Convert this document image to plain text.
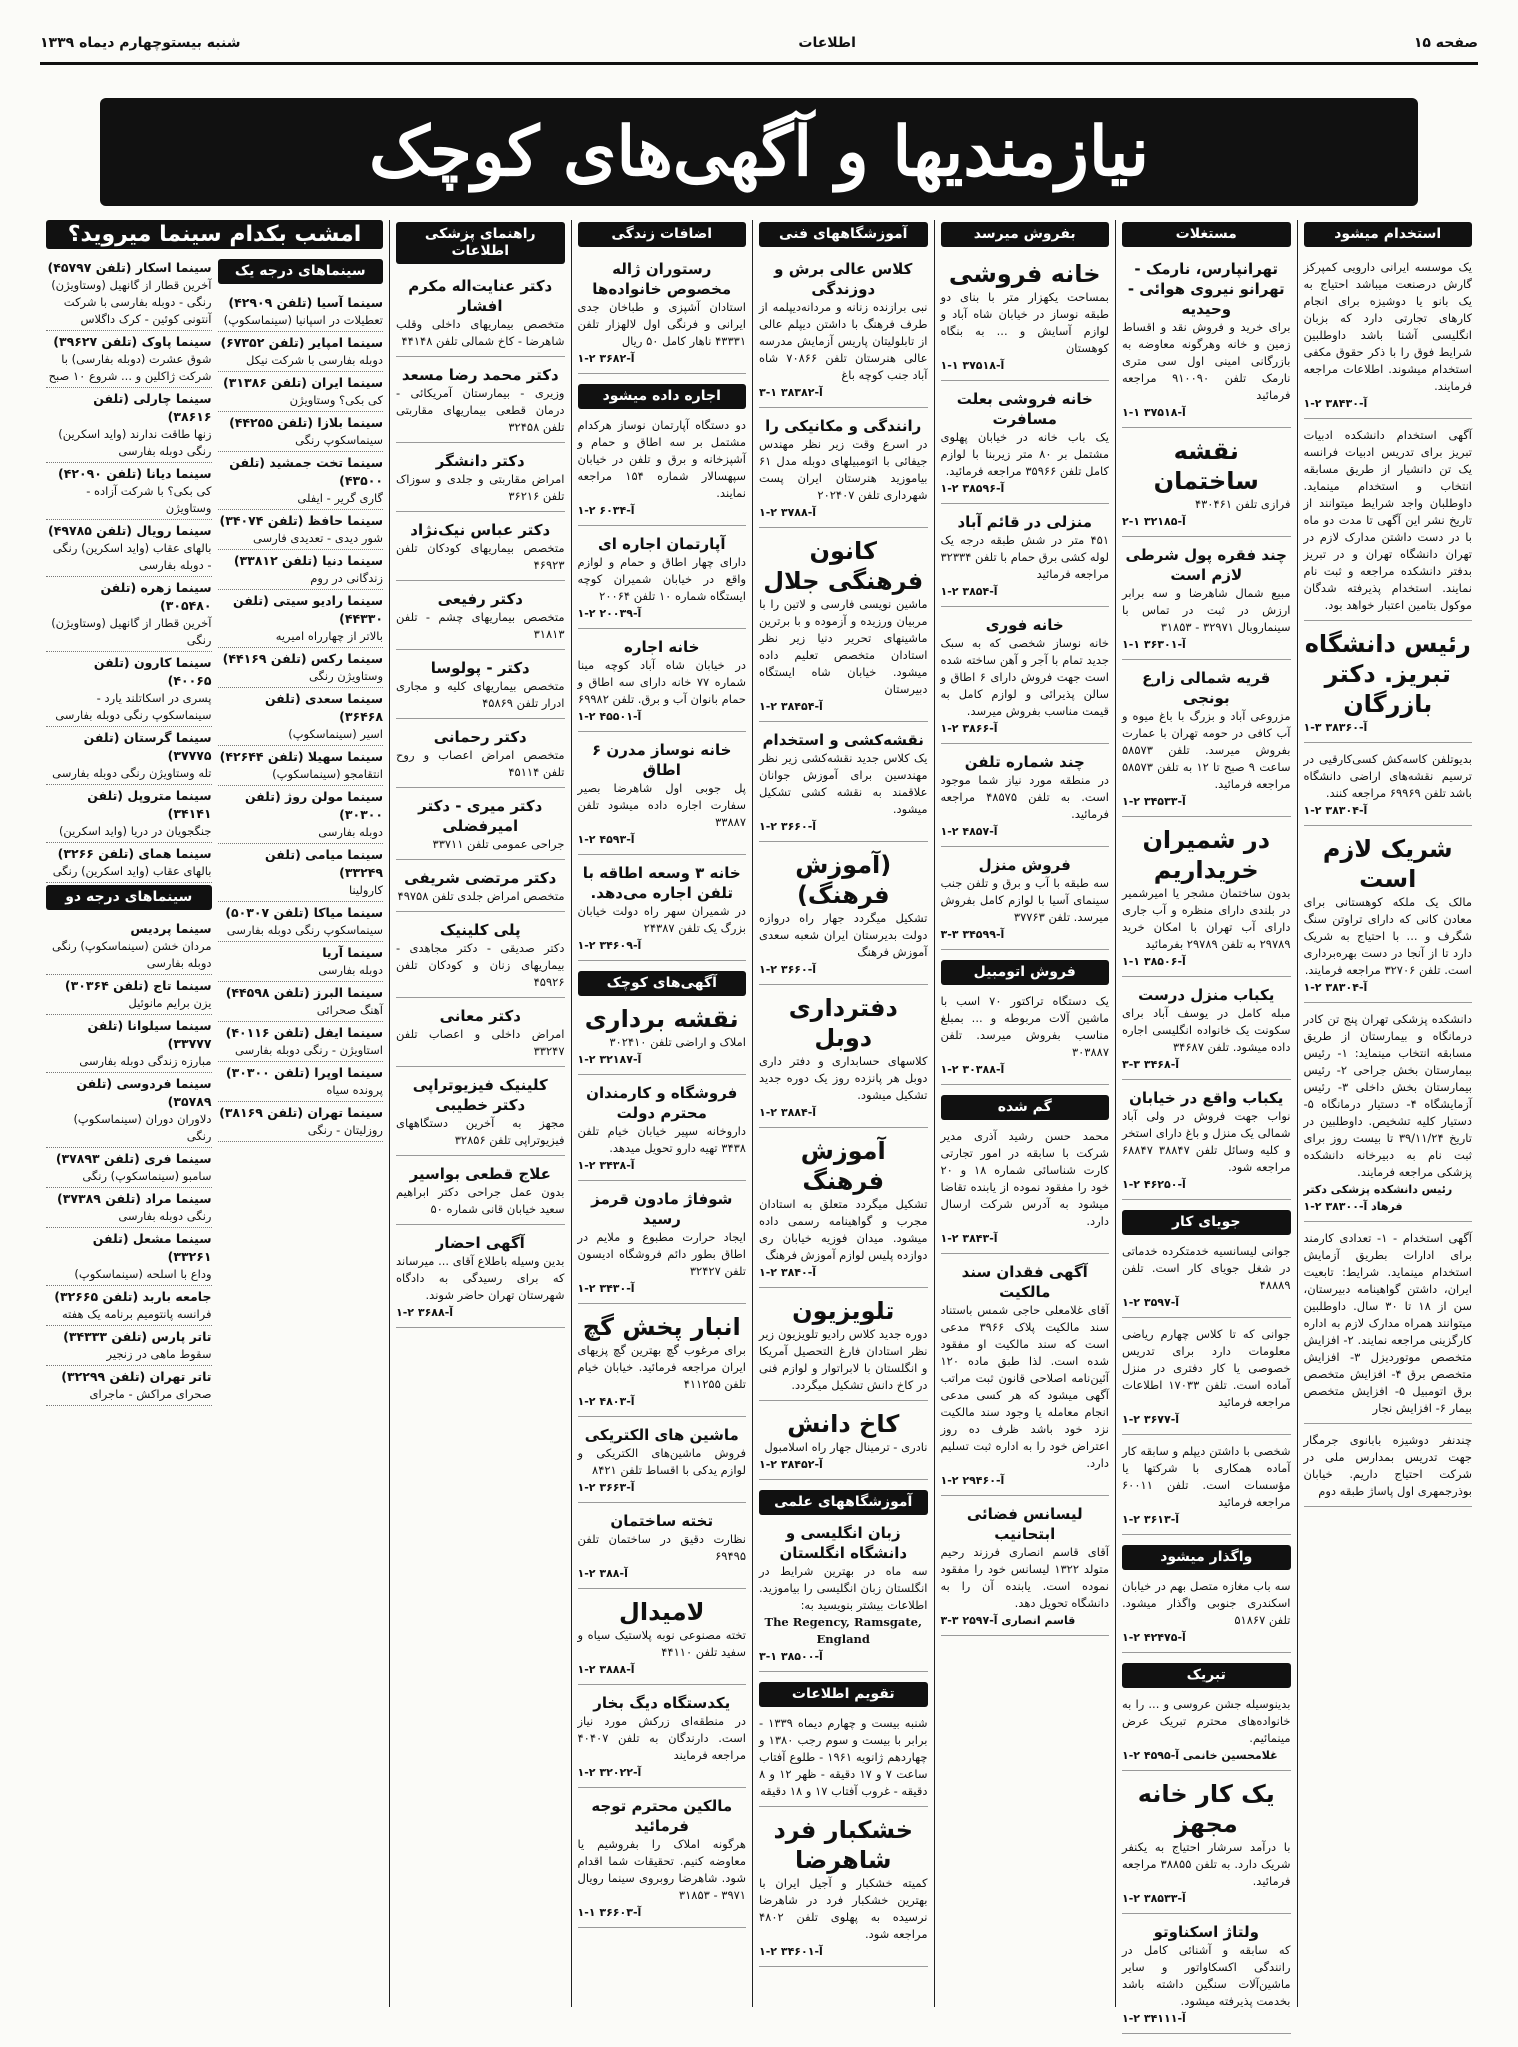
صفحه ۱۵
اطلاعات
شنبه بیستوچهارم دیماه ۱۳۳۹
نیازمندیها و آگهی‌های کوچک
استخدام میشود
یک موسسه ایرانی دارویی کمپرکز گارش درصنعت میباشد احتیاج به یک بانو یا دوشیزه برای انجام کارهای تجارتی دارد که بزبان انگلیسی آشنا باشد داوطلبین شرایط فوق را با ذکر حقوق مکفی استخدام میشوند. اطلاعات مراجعه فرمایند.
آ-۳۸۴۳۰ ۲-۱
آگهی استخدام دانشکده ادبیات تبریز برای تدریس ادبیات فرانسه یک تن دانشیار از طریق مسابقه انتخاب و استخدام مینماید. داوطلبان واجد شرایط میتوانند از تاریخ نشر این آگهی تا مدت دو ماه با در دست داشتن مدارک لازم در تهران دانشگاه تهران و در تبریز بدفتر دانشکده مراجعه و ثبت نام نمایند. استخدام پذیرفته شدگان موکول بتامین اعتبار خواهد بود.
رئیس دانشگاه تبریز. دکتر بازرگان
آ-۳۸۳۶۰ ۳-۱
بدیوتلفن کاسه‌کش کسی‌کارقیی در ترسیم نقشه‌های اراضی دانشگاه باشد تلفن ۶۹۹۶۹ مراجعه کنند.
آ-۳۸۳۰۴ ۲-۱
شریک لازم است
مالک یک ملکه کوهستانی برای معادن کانی که دارای تراوتن سنگ شگرف و ... با احتیاج به شریک دارد تا از آنجا در دست بهره‌برداری است. تلفن ۳۲۷۰۶ مراجعه فرمایند.
آ-۳۸۳۰۴ ۲-۱
دانشکده پزشکی تهران پنج تن کادر درمانگاه و بیمارستان از طریق مسابقه انتخاب مینماید: ۱- رئیس بیمارستان بخش جراحی ۲- رئیس بیمارستان بخش داخلی ۳- رئیس آزمایشگاه ۴- دستیار درمانگاه ۵- دستیار کلیه تشخیص. داوطلبین در تاریخ ۳۹/۱۱/۲۴ تا بیست روز برای ثبت نام به دبیرخانه دانشکده پزشکی مراجعه فرمایند.
رئیس دانشکده پزشکی دکتر فرهاد آ-۳۸۳۰۰ ۲-۱
آگهی استخدام - ۱- تعدادی کارمند برای ادارات بطریق آزمایش استخدام مینماید. شرایط: تابعیت ایران، داشتن گواهینامه دبیرستان، سن از ۱۸ تا ۳۰ سال. داوطلبین میتوانند همراه مدارک لازم به اداره کارگزینی مراجعه نمایند. ۲- افزایش متخصص موتوردیزل ۳- افزایش متخصص برق ۴- افزایش متخصص برق اتومبیل ۵- افزایش متخصص بیمار ۶- افزایش نجار
چندنفر دوشیزه بابانوی جرمگار جهت تدریس بمدارس ملی در شرکت احتیاج داریم. خیابان بوذرجمهری اول پاساژ طبقه دوم
مستغلات
تهرانپارس، نارمک - تهرانو نیروی هوائی - وحیدیه
برای خرید و فروش نقد و اقساط زمین و خانه وهرگونه معاوضه به بازرگانی امینی اول سی متری نارمک تلفن ۹۱۰۰۹۰ مراجعه فرمائید
آ-۳۷۵۱۸ ۱-۱
نقشه ساختمان
فرازی تلفن ۴۳۰۴۶۱
آ-۳۲۱۸۵ ۱-۲
چند فقره پول شرطی لازم است
مبیع شمال شاهرضا و سه برابر ارزش در ثبت در تماس با سینماروبال ۳۲۹۷۱ - ۳۱۸۵۳
آ-۳۶۳۰۱ ۱-۱
قریه شمالی زارع بونجی
مزروعی آباد و بزرگ با باغ میوه و آب کافی در حومه تهران با عمارت بفروش میرسد. تلفن ۵۸۵۷۳ ساعت ۹ صبح تا ۱۲ به تلفن ۵۸۵۷۳ مراجعه فرمائید.
آ-۳۴۵۳۳ ۲-۱
در شمیران خریداریم
بدون ساختمان مشجر یا امیرشمیر در بلندی دارای منظره و آب جاری دارای آب تهران با امکان خرید ۲۹۷۸۹ به تلفن ۲۹۷۸۹ بفرمائید
آ-۳۸۵۰۶ ۱-۱
یکباب منزل درست
مبله کامل در یوسف آباد برای سکونت یک خانواده انگلیسی اجاره داده میشود. تلفن ۳۴۶۸۷
آ-۳۴۶۸ ۳-۳
یکباب واقع در خیابان
نواب جهت فروش در ولی آباد شمالی یک منزل و باغ دارای استخر و کلیه وسائل تلفن ۳۸۸۴۷ ۶۸۸۴۷ مراجعه شود.
آ-۴۶۲۵۰ ۲-۱
جویای کار
جوانی لیسانسیه خدمتکرده خدماتی در شغل جویای کار است. تلفن ۴۸۸۸۹
آ-۳۵۹۷ ۲-۱
جوانی که تا کلاس چهارم ریاضی معلومات دارد برای تدریس خصوصی یا کار دفتری در منزل آماده است. تلفن ۱۷۰۳۳ اطلاعات مراجعه فرمائید
آ-۳۶۷۷ ۲-۱
شخصی با داشتن دیپلم و سابقه کار آماده همکاری با شرکتها یا مؤسسات است. تلفن ۶۰۰۱۱ مراجعه فرمائید
آ-۳۶۱۳ ۲-۱
واگذار میشود
سه باب مغازه متصل بهم در خیابان اسکندری جنوبی واگذار میشود. تلفن ۵۱۸۶۷
آ-۴۲۴۷۵ ۲-۱
تبریک
بدینوسیله جشن عروسی و ... را به خانواده‌های محترم تبریک عرض مینمائیم.
غلامحسین خانمی آ-۴۵۹۵ ۲-۱
یک کار خانه مجهز
با درآمد سرشار احتیاج به یکنفر شریک دارد. به تلفن ۳۸۸۵۵ مراجعه فرمائید.
آ-۳۸۵۳۳ ۲-۱
ولتاژ اسکناوتو
که سابقه و آشنائی کامل در رانندگی اکسکاواتور و سایر ماشین‌آلات سنگین داشته باشد بخدمت پذیرفته میشود.
آ-۳۴۱۱۱ ۲-۱
بفروش میرسد
خانه فروشی
بمساحت یکهزار متر با بنای دو طبقه نوساز در خیابان شاه آباد و لوازم آسایش و ... به بنگاه کوهستان
آ-۳۷۵۱۸ ۱-۱
خانه فروشی بعلت مسافرت
یک باب خانه در خیابان پهلوی مشتمل بر ۸۰ متر زیربنا با لوازم کامل تلفن ۳۵۹۶۶ مراجعه فرمائید.
آ-۳۸۵۹۶ ۲-۱
منزلی در قائم آباد
۴۵۱ متر در شش طبقه درجه یک لوله کشی برق حمام با تلفن ۳۲۳۳۴ مراجعه فرمائید
آ-۳۸۵۴ ۲-۱
خانه فوری
خانه نوساز شخصی که به سبک جدید تمام با آجر و آهن ساخته شده است جهت فروش دارای ۶ اطاق و سالن پذیرائی و لوازم کامل به قیمت مناسب بفروش میرسد.
آ-۳۸۶۶ ۲-۱
چند شماره تلفن
در منطقه مورد نیاز شما موجود است. به تلفن ۴۸۵۷۵ مراجعه فرمائید.
آ-۴۸۵۷ ۲-۱
فروش منزل
سه طبقه با آب و برق و تلفن جنب سینمای آسیا با لوازم کامل بفروش میرسد. تلفن ۳۷۷۶۳
آ-۳۴۵۹۹ ۳-۳
فروش اتومبیل
یک دستگاه تراکتور ۷۰ اسب با ماشین آلات مربوطه و ... بمبلغ مناسب بفروش میرسد. تلفن ۳۰۳۸۸۷
آ-۳۰۳۸۸ ۲-۱
گم شده
محمد حسن رشید آذری مدیر شرکت با سابقه در امور تجارتی کارت شناسائی شماره ۱۸ و ۲۰ خود را مفقود نموده از یابنده تقاضا میشود به آدرس شرکت ارسال دارد.
آ-۳۸۴۳ ۲-۱
آگهی فقدان سند مالکیت
آقای غلامعلی حاجی شمس باستناد سند مالکیت پلاک ۳۹۶۶ مدعی است که سند مالکیت او مفقود شده است. لذا طبق ماده ۱۲۰ آئین‌نامه اصلاحی قانون ثبت مراتب آگهی میشود که هر کسی مدعی انجام معامله یا وجود سند مالکیت نزد خود باشد ظرف ده روز اعتراض خود را به اداره ثبت تسلیم دارد.
آ-۲۹۴۶۰ ۲-۱
لیسانس فضائی ابتحانیب
آقای قاسم انصاری فرزند رحیم متولد ۱۳۲۲ لیسانس خود را مفقود نموده است. یابنده آن را به دانشگاه تحویل دهد.
قاسم انصاری آ-۲۵۹۷ ۳-۳
آموزشگاههای فنی
کلاس عالی برش و دوزندگی
نبی برازنده زنانه و مردانه‌دیپلمه از طرف فرهنگ با داشتن دیپلم عالی از تابلولیتان پاریس آزمایش مدرسه عالی هنرستان تلفن ۷۰۸۶۶ شاه آباد جنب کوچه باغ
آ-۳۸۳۸۲ ۱-۳
رانندگی و مکانیکی را
در اسرع وقت زیر نظر مهندس جیفائی با اتومبیلهای دوبله مدل ۶۱ بیاموزید هنرستان ایران پست شهرداری تلفن ۲۰۲۴۰۷
آ-۳۷۸۸ ۲-۱
کانون فرهنگی جلال
ماشین نویسی فارسی و لاتین را با مربیان ورزیده و آزموده و با برترین ماشینهای تحریر دنیا زیر نظر استادان متخصص تعلیم داده میشود. خیابان شاه ایستگاه دبیرستان
آ-۳۸۴۵۴ ۲-۱
نقشه‌کشی و استخدام
یک کلاس جدید نقشه‌کشی زیر نظر مهندسین برای آموزش جوانان علاقمند به نقشه کشی تشکیل میشود.
آ-۳۶۶۰ ۲-۱
(آموزش فرهنگ)
تشکیل میگردد جهار راه دروازه دولت بدیرستان ایران شعبه سعدی آموزش فرهنگ
آ-۳۶۶۰ ۲-۱
دفترداری دوبل
کلاسهای حسابداری و دفتر داری دوبل هر پانزده روز یک دوره جدید تشکیل میشود.
آ-۳۸۸۴ ۲-۱
آموزش فرهنگ
تشکیل میگردد متعلق به استادان مجرب و گواهینامه رسمی داده میشود. میدان فوزیه خیابان ری دوازده پلیس لوازم آموزش فرهنگ
آ-۳۸۴۰ ۲-۱
تلویزیون
دوره جدید کلاس رادیو تلویزیون زیر نظر استادان فارغ التحصیل آمریکا و انگلستان با لابراتوار و لوازم فنی در کاخ دانش تشکیل میگردد.
کاخ دانش
نادری - ترمینال جهار راه اسلامبول
آ-۳۸۴۵۲ ۲-۱
آموزشگاههای علمی
زبان انگلیسی و دانشگاه انگلستان
سه ماه در بهترین شرایط در انگلستان زبان انگلیسی را بیاموزید. اطلاعات بیشتر بنویسید به:
The Regency, Ramsgate, England
آ-۳۸۵۰۰ ۱-۳
تقویم اطلاعات
شنبه بیست و چهارم دیماه ۱۳۳۹ - برابر با بیست و سوم رجب ۱۳۸۰ و چهاردهم ژانویه ۱۹۶۱ - طلوع آفتاب ساعت ۷ و ۱۷ دقیقه - ظهر ۱۲ و ۸ دقیقه - غروب آفتاب ۱۷ و ۱۸ دقیقه
خشکبار فرد شاهرضا
کمیته خشکبار و آجیل ایران با بهترین خشکبار فرد در شاهرضا نرسیده به پهلوی تلفن ۴۸۰۲ مراجعه شود.
آ-۳۴۶۰۱ ۲-۱
اضافات زندگی
رستوران ژاله مخصوص خانواده‌ها
استادان آشپزی و طباخان جدی ایرانی و فرنگی اول لالهزار تلفن ۴۳۳۳۱ ناهار کامل ۵۰ ریال
آ-۳۶۸۲ ۲-۱
اجاره داده میشود
دو دستگاه آپارتمان نوساز هرکدام مشتمل بر سه اطاق و حمام و آشپزخانه و برق و تلفن در خیابان سپهسالار شماره ۱۵۴ مراجعه نمایند.
آ-۶۰۳۴ ۲-۱
آپارتمان اجاره ای
دارای چهار اطاق و حمام و لوازم واقع در خیابان شمیران کوچه ایستگاه شماره ۱۰ تلفن ۲۰۰۶۴
آ-۲۰۰۳۹ ۲-۱
خانه اجاره
در خیابان شاه آباد کوچه مینا شماره ۷۷ خانه دارای سه اطاق و حمام بانوان آب و برق. تلفن ۶۹۹۸۲
آ-۴۵۵۰۱ ۲-۱
خانه نوساز مدرن ۶ اطاق
پل جوبی اول شاهرضا بصیر سفارت اجاره داده میشود تلفن ۳۳۸۸۷
آ-۴۵۹۳ ۲-۱
خانه ۳ وسعه اطاقه با تلفن اجاره می‌دهد.
در شمیران سهر راه دولت خیابان بزرگ یک تلفن ۲۴۳۸۷
آ-۳۴۶۰۹ ۲-۱
آگهی‌های کوچک
نقشه برداری
املاک و اراضی تلفن ۳۰۲۴۱۰
آ-۳۲۱۸۷ ۲-۱
فروشگاه و کارمندان محترم دولت
داروخانه سپیر خیابان خیام تلفن ۳۴۳۸ تهیه دارو تحویل میدهد.
آ-۳۴۳۸ ۲-۱
شوفاژ مادون قرمز رسید
ایجاد حرارت مطبوع و ملایم در اطاق بطور دائم فروشگاه ادیسون تلفن ۳۲۴۲۷
آ-۳۴۳۰ ۲-۱
انبار پخش گچ
برای مرغوب گچ بهترین گچ پزیهای ایران مراجعه فرمائید. خیابان خیام تلفن ۴۱۱۲۵۵
آ-۴۸۰۳ ۲-۱
ماشین های الکتریکی
فروش ماشین‌های الکتریکی و لوازم یدکی با اقساط تلفن ۸۴۲۱
آ-۳۶۶۳ ۲-۱
تخته ساختمان
نظارت دقیق در ساختمان تلفن ۶۹۴۹۵
آ-۳۸۸ ۲-۱
لامیدال
تخته مصنوعی نوبه پلاستیک سیاه و سفید تلفن ۴۴۱۱۰
آ-۳۸۸۸ ۲-۱
یکدستگاه دیگ بخار
در منطقه‌ای زرکش مورد نیاز است. دارندگان به تلفن ۴۰۴۰۷ مراجعه فرمایند
آ-۳۲۰۲۲ ۲-۱
مالکین محترم توجه فرمائید
هرگونه املاک را بفروشیم یا معاوضه کنیم. تحقیقات شما اقدام شود. شاهرضا روبروی سینما رویال ۳۹۷۱ - ۳۱۸۵۳
آ-۳۶۶۰۳ ۱-۱
راهنمای پزشکی اطلاعات
دکتر عنایت‌اله مکرم افشار
متخصص بیماریهای داخلی وقلب شاهرضا - کاخ شمالی تلفن ۴۴۱۴۸
دکتر محمد رضا مسعد
وزیری - بیمارستان آمریکائی - درمان قطعی بیماریهای مقاربتی تلفن ۳۲۴۵۸
دکتر دانشگر
امراض مقاربتی و جلدی و سوزاک تلفن ۳۶۲۱۶
دکتر عباس نیک‌نژاد
متخصص بیماریهای کودکان تلفن ۴۶۹۲۳
دکتر رفیعی
متخصص بیماریهای چشم - تلفن ۳۱۸۱۳
دکتر - پولوسا
متخصص بیماریهای کلیه و مجاری ادرار تلفن ۴۵۸۶۹
دکتر رحمانی
متخصص امراض اعصاب و روح تلفن ۴۵۱۱۴
دکتر میری - دکتر امیرفضلی
جراحی عمومی تلفن ۳۳۷۱۱
دکتر مرتضی شریفی
متخصص امراض جلدی تلفن ۴۹۷۵۸
پلی کلینیک
دکتر صدیقی - دکتر مجاهدی - بیماریهای زنان و کودکان تلفن ۴۵۹۲۶
دکتر معانی
امراض داخلی و اعصاب تلفن ۳۳۲۴۷
کلینیک فیزیوتراپی دکتر خطیبی
مجهز به آخرین دستگاههای فیزیوتراپی تلفن ۳۲۸۵۶
علاج قطعی بواسیر
بدون عمل جراحی دکتر ابراهیم سعید خیابان قانی شماره ۵۰
آگهی احضار
بدین وسیله باطلاع آقای ... میرساند که برای رسیدگی به دادگاه شهرستان تهران حاضر شوند.
آ-۳۶۸۸ ۲-۱
امشب بکدام سینما میروید؟
سینما اسکار (تلفن ۴۵۷۹۷)
آخرین قطار از گانهیل (وستاویژن) رنگی - دوبله بفارسی با شرکت آنتونی کوئین - کرک داگلاس
سینما پاوک (تلفن ۳۹۶۲۷)
شوق عشرت (دوبله بفارسی) با شرکت ژاکلین و ... شروع ۱۰ صبح
سینما چارلی (تلفن ۳۸۶۱۶)
زنها طاقت ندارند (واید اسکرین) رنگی دوبله بفارسی
سینما دیانا (تلفن ۴۲۰۹۰)
کی بکی؟ با شرکت آزاده - وستاویژن
سینما رویال (تلفن ۴۹۷۸۵)
بالهای عقاب (واید اسکرین) رنگی - دوبله بفارسی
سینما زهره (تلفن ۳۰۵۴۸۰)
آخرین قطار از گانهیل (وستاویژن) رنگی
سینما کارون (تلفن ۴۰۰۶۵)
پسری در اسکاتلند یارد - سینماسکوپ رنگی دوبله بفارسی
سینما گرستان (تلفن ۳۷۷۷۵)
تله وستاویژن رنگی دوبله بفارسی
سینما متروپل (تلفن ۳۴۱۴۱)
جنگجویان در دریا (واید اسکرین)
سینما همای (تلفن ۳۲۶۶)
بالهای عقاب (واید اسکرین) رنگی
سینماهای درجه دو
سینما پردیس
مردان خشن (سینماسکوپ) رنگی دوبله بفارسی
سینما تاج (تلفن ۳۰۳۶۴)
یزن برایم مانوئیل
سینما سیلوانا (تلفن ۳۳۷۷۷)
مبارزه زندگی دوبله بفارسی
سینما فردوسی (تلفن ۳۵۷۸۹)
دلاوران دوران (سینماسکوپ) رنگی
سینما فری (تلفن ۳۷۸۹۳)
سامبو (سینماسکوپ) رنگی
سینما مراد (تلفن ۳۷۳۸۹)
رنگی دوبله بفارسی
سینما مشعل (تلفن ۳۳۲۶۱)
وداع با اسلحه (سینماسکوپ)
جامعه باربد (تلفن ۳۲۶۶۵)
فرانسه پانتومیم برنامه یک هفته
تاتر پارس (تلفن ۳۴۳۳۳)
سقوط ماهی در زنجیر
تاتر تهران (تلفن ۳۲۲۹۹)
صحرای مراکش - ماجرای
سینماهای درجه یک
سینما آسیا (تلفن ۴۲۹۰۹)
تعطیلات در اسپانیا (سینماسکوپ)
سینما امپایر (تلفن ۶۷۳۵۲)
دوبله بفارسی با شرکت نیکل
سینما ایران (تلفن ۳۱۳۸۶)
کی بکی؟ وستاویژن
سینما بلازا (تلفن ۴۴۲۵۵)
سینماسکوپ رنگی
سینما تخت جمشید (تلفن ۴۳۵۰۰)
گاری گریر - ایفلی
سینما حافظ (تلفن ۳۴۰۷۴)
شور دیدی - تعدیدی فارسی
سینما دنیا (تلفن ۳۳۸۱۲)
زندگانی در روم
سینما رادیو سیتی (تلفن ۴۴۳۳۰)
بالاتر از چهارراه امیریه
سینما رکس (تلفن ۴۴۱۶۹)
وستاویژن رنگی
سینما سعدی (تلفن ۳۶۴۶۸)
اسیر (سینماسکوپ)
سینما سهیلا (تلفن ۴۲۶۴۴)
انتقامجو (سینماسکوپ)
سینما مولن روژ (تلفن ۳۰۳۰۰)
دوبله بفارسی
سینما میامی (تلفن ۳۳۲۴۹)
کارولینا
سینما میاکا (تلفن ۵۰۳۰۷)
سینماسکوپ رنگی دوبله بفارسی
سینما آریا
دوبله بفارسی
سینما البرز (تلفن ۴۴۵۹۸)
آهنگ صحرائی
سینما ایفل (تلفن ۴۰۱۱۶)
استاویژن - رنگی دوبله بفارسی
سینما اوپرا (تلفن ۳۰۳۰۰)
پرونده سیاه
سینما تهران (تلفن ۳۸۱۶۹)
روزلیتان - رنگی
